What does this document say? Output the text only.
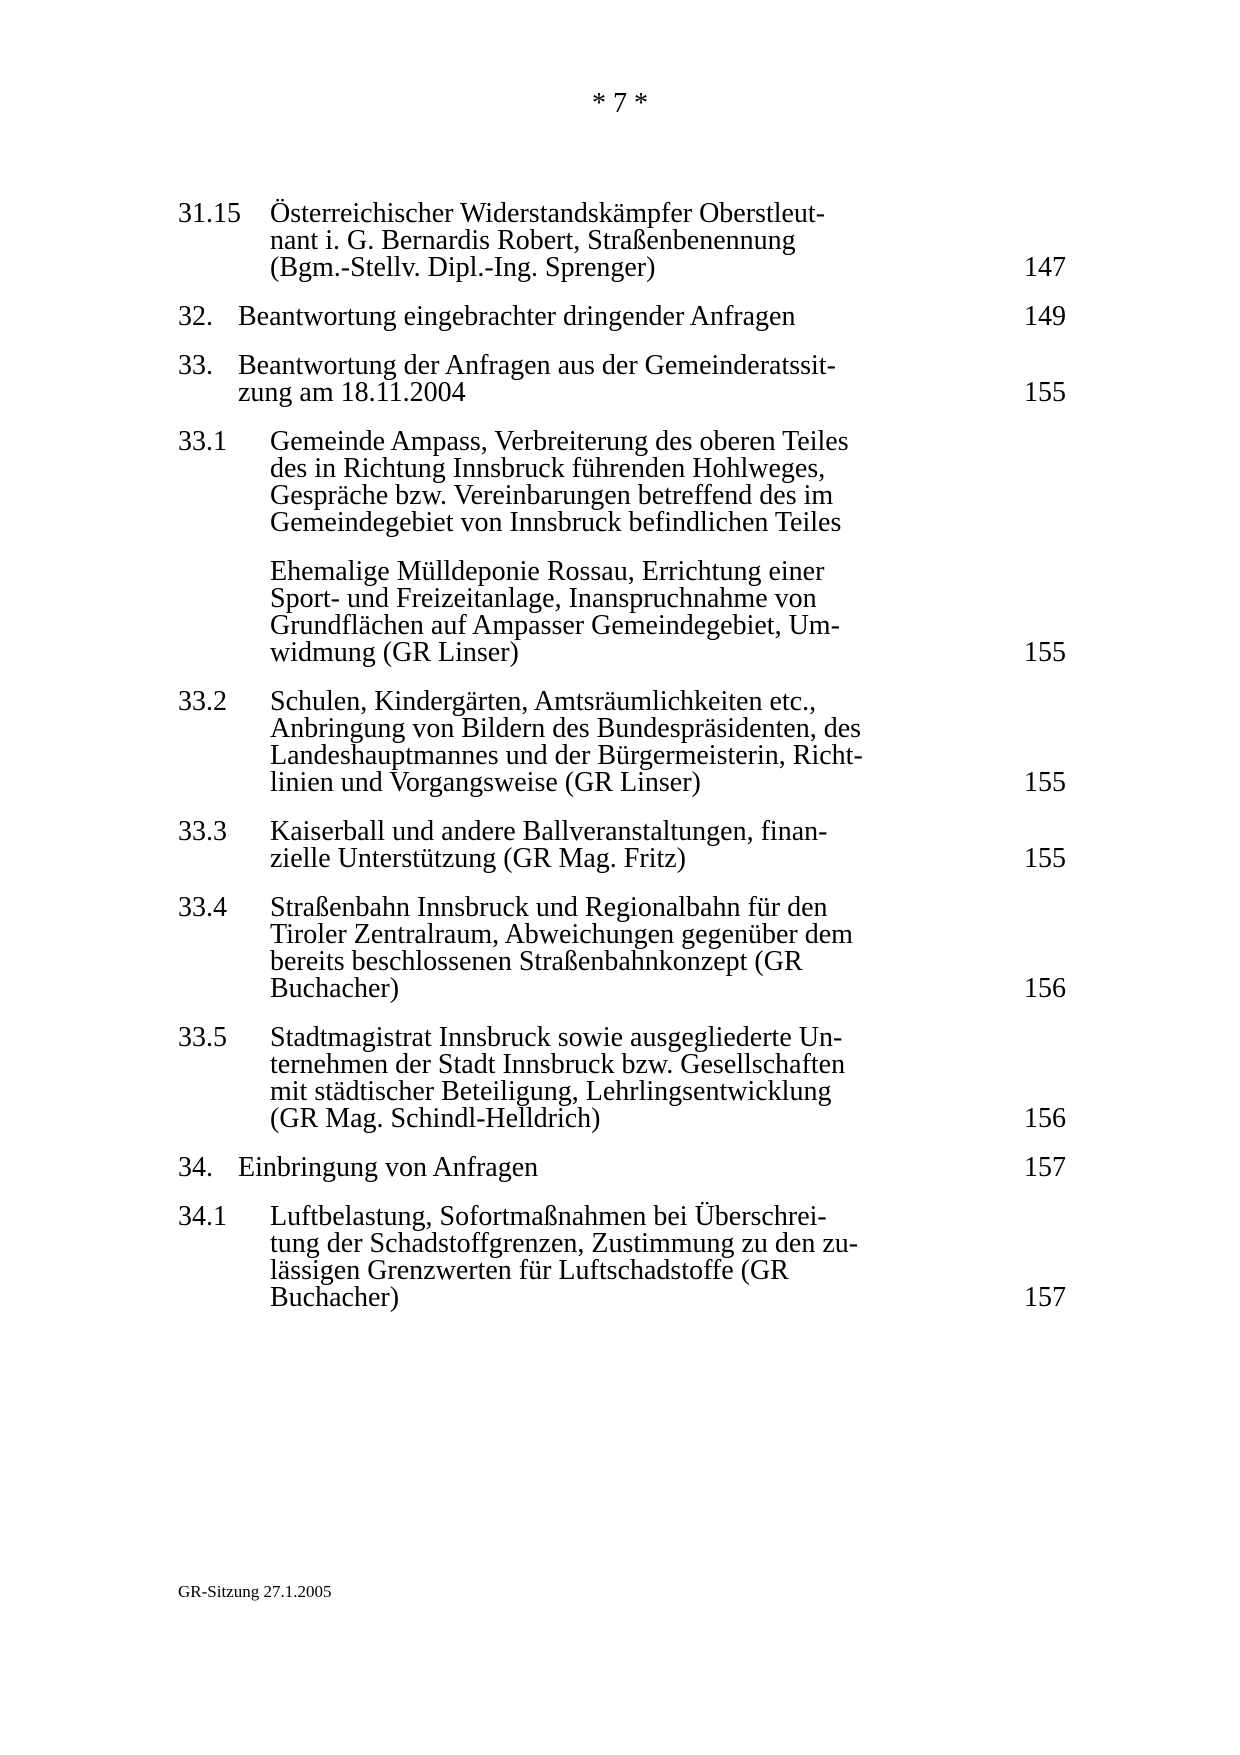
* 7 *
31.15 Österreichischer Widerstandskämpfer Oberstleut-
nant i. G. Bernardis Robert, Straßenbenennung
(Bgm.-Stellv. Dipl.-Ing. Sprenger)	147
32. Beantwortung eingebrachter dringender Anfragen	149
33. Beantwortung der Anfragen aus der Gemeinderatssit-
zung am 18.11.2004	155
33.1 Gemeinde Ampass, Verbreiterung des oberen Teiles
des in Richtung Innsbruck führenden Hohlweges,
Gespräche bzw. Vereinbarungen betreffend des im
Gemeindegebiet von Innsbruck befindlichen Teiles
Ehemalige Mülldeponie Rossau, Errichtung einer
Sport- und Freizeitanlage, Inanspruchnahme von
Grundflächen auf Ampasser Gemeindegebiet, Um-
widmung (GR Linser)	155
33.2 Schulen, Kindergärten, Amtsräumlichkeiten etc.,
Anbringung von Bildern des Bundespräsidenten, des
Landeshauptmannes und der Bürgermeisterin, Richt-
linien und Vorgangsweise (GR Linser)	155
33.3 Kaiserball und andere Ballveranstaltungen, finan-
zielle Unterstützung (GR Mag. Fritz)	155
33.4 Straßenbahn Innsbruck und Regionalbahn für den
Tiroler Zentralraum, Abweichungen gegenüber dem
bereits beschlossenen Straßenbahnkonzept (GR
Buchacher)	156
33.5 Stadtmagistrat Innsbruck sowie ausgegliederte Un-
ternehmen der Stadt Innsbruck bzw. Gesellschaften
mit städtischer Beteiligung, Lehrlingsentwicklung
(GR Mag. Schindl-Helldrich)	156
34. Einbringung von Anfragen	157
34.1 Luftbelastung, Sofortmaßnahmen bei Überschrei-
tung der Schadstoffgrenzen, Zustimmung zu den zu-
lässigen Grenzwerten für Luftschadstoffe (GR
Buchacher)	157
GR-Sitzung 27.1.2005
